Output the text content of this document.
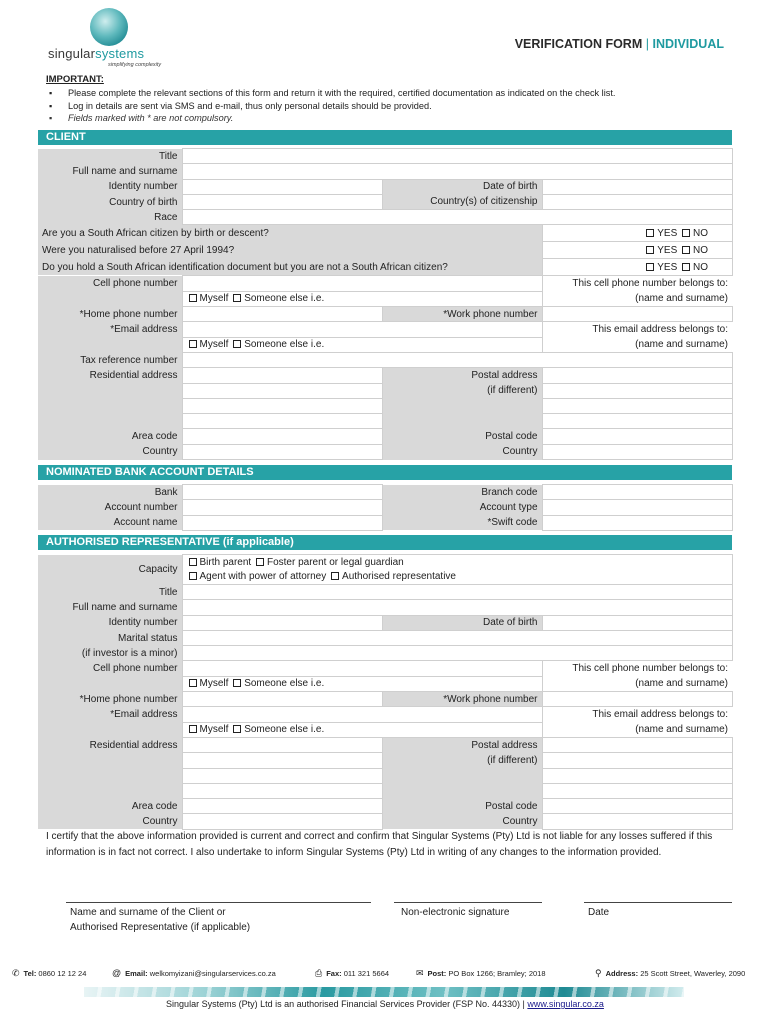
singularsystems
simplifying complexity
VERIFICATION FORM | INDIVIDUAL
IMPORTANT:
▪ Please complete the relevant sections of this form and return it with the required, certified documentation as indicated on the check list.
▪ Log in details are sent via SMS and e-mail, thus only personal details should be provided.
▪ Fields marked with * are not compulsory.
CLIENT
Title			
Full name and surname			
Identity number		Date of birth	
Country of birth		Country(s) of citizenship	
Race			
Are you a South African citizen by birth or descent?			YES NO
Were you naturalised before 27 April 1994?			YES NO
Do you hold a South African identification document but you are not a South African citizen?			YES NO
Cell phone number			This cell phone number belongs to:
	Myself Someone else i.e.		(name and surname)
*Home phone number		*Work phone number	
*Email address			This email address belongs to:
	Myself Someone else i.e.		(name and surname)
Tax reference number			
Residential address		Postal address	
		(if different)	

Area code		Postal code	
Country		Country	
NOMINATED BANK ACCOUNT DETAILS
Bank		Branch code	
Account number		Account type	
Account name		*Swift code	
AUTHORISED REPRESENTATIVE (if applicable)
Capacity	Birth parent Foster parent or legal guardian
Agent with power of attorney Authorised representative		
Title			
Full name and surname			
Identity number		Date of birth	
Marital status			
(if investor is a minor)			
Cell phone number			This cell phone number belongs to:
	Myself Someone else i.e.		(name and surname)
*Home phone number		*Work phone number	
*Email address			This email address belongs to:
	Myself Someone else i.e.		(name and surname)
Residential address		Postal address	
		(if different)	

Area code		Postal code	
Country		Country	
I certify that the above information provided is current and correct and confirm that Singular Systems (Pty) Ltd is not liable for any losses suffered if this information is in fact not correct. I also undertake to inform Singular Systems (Pty) Ltd in writing of any changes to the information provided.
Name and surname of the Client or
Authorised Representative (if applicable)
Non-electronic signature	Date
✆ Tel: 0860 12 12 24	@ Email: welkomyizani@singularservices.co.za	⎙ Fax: 011 321 5664	✉ Post: PO Box 1266; Bramley; 2018	⚲ Address: 25 Scott Street, Waverley, 2090
Singular Systems (Pty) Ltd is an authorised Financial Services Provider (FSP No. 44330) | www.singular.co.za
